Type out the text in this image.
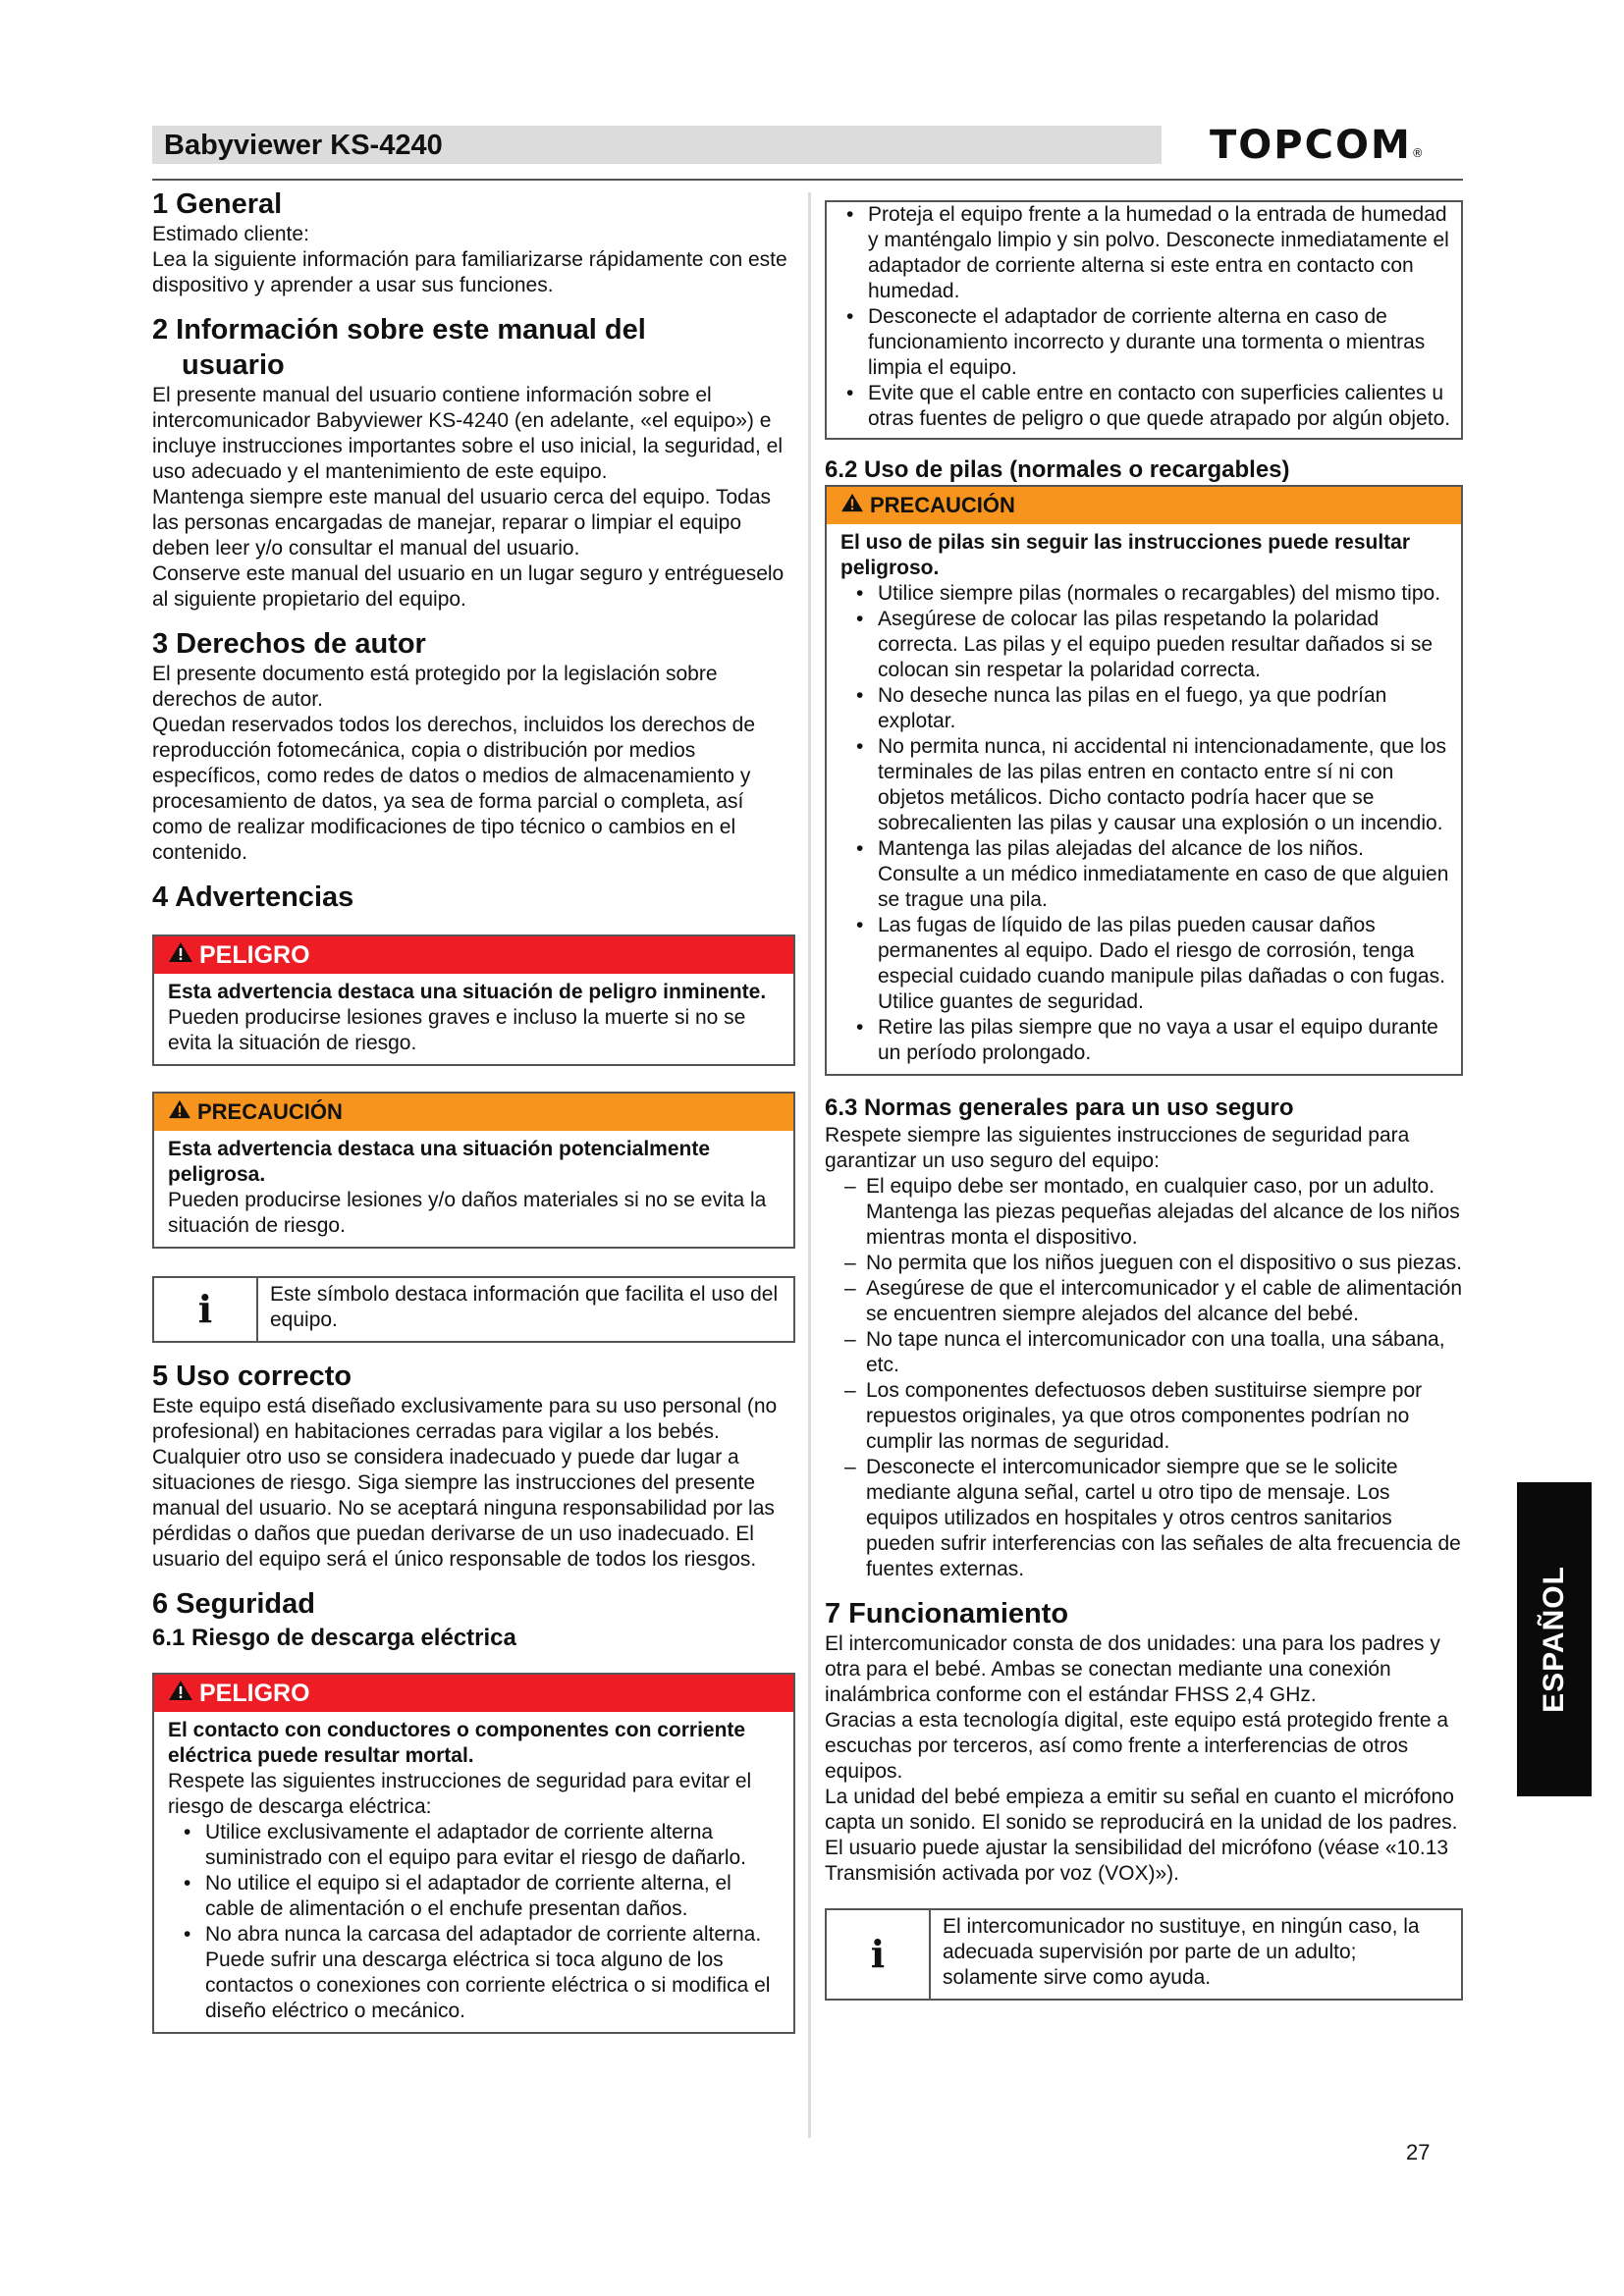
Babyviewer KS-4240	TOPCOM®
1 General

Estimado cliente:

Lea la siguiente información para familiarizarse rápidamente con este dispositivo y aprender a usar sus funciones.

2 Información sobre este manual del
usuario

El presente manual del usuario contiene información sobre el intercomunicador Babyviewer KS-4240 (en adelante, «el equipo») e incluye instrucciones importantes sobre el uso inicial, la seguridad, el uso adecuado y el mantenimiento de este equipo.

Mantenga siempre este manual del usuario cerca del equipo. Todas las personas encargadas de manejar, reparar o limpiar el equipo deben leer y/o consultar el manual del usuario.

Conserve este manual del usuario en un lugar seguro y entrégueselo al siguiente propietario del equipo.

3 Derechos de autor

El presente documento está protegido por la legislación sobre derechos de autor.

Quedan reservados todos los derechos, incluidos los derechos de reproducción fotomecánica, copia o distribución por medios específicos, como redes de datos o medios de almacenamiento y procesamiento de datos, ya sea de forma parcial o completa, así como de realizar modificaciones de tipo técnico o cambios en el contenido.

4 Advertencias
PELIGRO
Esta advertencia destaca una situación de peligro inminente.

Pueden producirse lesiones graves e incluso la muerte si no se evita la situación de riesgo.

PRECAUCIÓN
Esta advertencia destaca una situación potencialmente peligrosa.

Pueden producirse lesiones y/o daños materiales si no se evita la situación de riesgo.

i	Este símbolo destaca información que facilita el uso del equipo.
5 Uso correcto

Este equipo está diseñado exclusivamente para su uso personal (no profesional) en habitaciones cerradas para vigilar a los bebés. Cualquier otro uso se considera inadecuado y puede dar lugar a situaciones de riesgo. Siga siempre las instrucciones del presente manual del usuario. No se aceptará ninguna responsabilidad por las pérdidas o daños que puedan derivarse de un uso inadecuado. El usuario del equipo será el único responsable de todos los riesgos.

6 Seguridad
6.1 Riesgo de descarga eléctrica
PELIGRO
El contacto con conductores o componentes con corriente eléctrica puede resultar mortal.

Respete las siguientes instrucciones de seguridad para evitar el riesgo de descarga eléctrica:

• Utilice exclusivamente el adaptador de corriente alterna suministrado con el equipo para evitar el riesgo de dañarlo.
• No utilice el equipo si el adaptador de corriente alterna, el cable de alimentación o el enchufe presentan daños.
• No abra nunca la carcasa del adaptador de corriente alterna. Puede sufrir una descarga eléctrica si toca alguno de los contactos o conexiones con corriente eléctrica o si modifica el diseño eléctrico o mecánico.
• Proteja el equipo frente a la humedad o la entrada de humedad y manténgalo limpio y sin polvo. Desconecte inmediatamente el adaptador de corriente alterna si este entra en contacto con humedad.
• Desconecte el adaptador de corriente alterna en caso de funcionamiento incorrecto y durante una tormenta o mientras limpia el equipo.
• Evite que el cable entre en contacto con superficies calientes u otras fuentes de peligro o que quede atrapado por algún objeto.
6.2 Uso de pilas (normales o recargables)
PRECAUCIÓN
El uso de pilas sin seguir las instrucciones puede resultar peligroso.
• Utilice siempre pilas (normales o recargables) del mismo tipo.
• Asegúrese de colocar las pilas respetando la polaridad correcta. Las pilas y el equipo pueden resultar dañados si se colocan sin respetar la polaridad correcta.
• No deseche nunca las pilas en el fuego, ya que podrían explotar.
• No permita nunca, ni accidental ni intencionadamente, que los terminales de las pilas entren en contacto entre sí ni con objetos metálicos. Dicho contacto podría hacer que se sobrecalienten las pilas y causar una explosión o un incendio.
• Mantenga las pilas alejadas del alcance de los niños. Consulte a un médico inmediatamente en caso de que alguien se trague una pila.
• Las fugas de líquido de las pilas pueden causar daños permanentes al equipo. Dado el riesgo de corrosión, tenga especial cuidado cuando manipule pilas dañadas o con fugas. Utilice guantes de seguridad.
• Retire las pilas siempre que no vaya a usar el equipo durante un período prolongado.
6.3 Normas generales para un uso seguro

Respete siempre las siguientes instrucciones de seguridad para garantizar un uso seguro del equipo:

– El equipo debe ser montado, en cualquier caso, por un adulto. Mantenga las piezas pequeñas alejadas del alcance de los niños mientras monta el dispositivo.
– No permita que los niños jueguen con el dispositivo o sus piezas.
– Asegúrese de que el intercomunicador y el cable de alimentación se encuentren siempre alejados del alcance del bebé.
– No tape nunca el intercomunicador con una toalla, una sábana, etc.
– Los componentes defectuosos deben sustituirse siempre por repuestos originales, ya que otros componentes podrían no cumplir las normas de seguridad.
– Desconecte el intercomunicador siempre que se le solicite mediante alguna señal, cartel u otro tipo de mensaje. Los equipos utilizados en hospitales y otros centros sanitarios pueden sufrir interferencias con las señales de alta frecuencia de fuentes externas.
7 Funcionamiento

El intercomunicador consta de dos unidades: una para los padres y otra para el bebé. Ambas se conectan mediante una conexión inalámbrica conforme con el estándar FHSS 2,4 GHz.

Gracias a esta tecnología digital, este equipo está protegido frente a escuchas por terceros, así como frente a interferencias de otros equipos.

La unidad del bebé empieza a emitir su señal en cuanto el micrófono capta un sonido. El sonido se reproducirá en la unidad de los padres. El usuario puede ajustar la sensibilidad del micrófono (véase «10.13 Transmisión activada por voz (VOX)»).

i
El intercomunicador no sustituye, en ningún caso, la adecuada supervisión por parte de un adulto; solamente sirve como ayuda.
ESPAÑOL
27
